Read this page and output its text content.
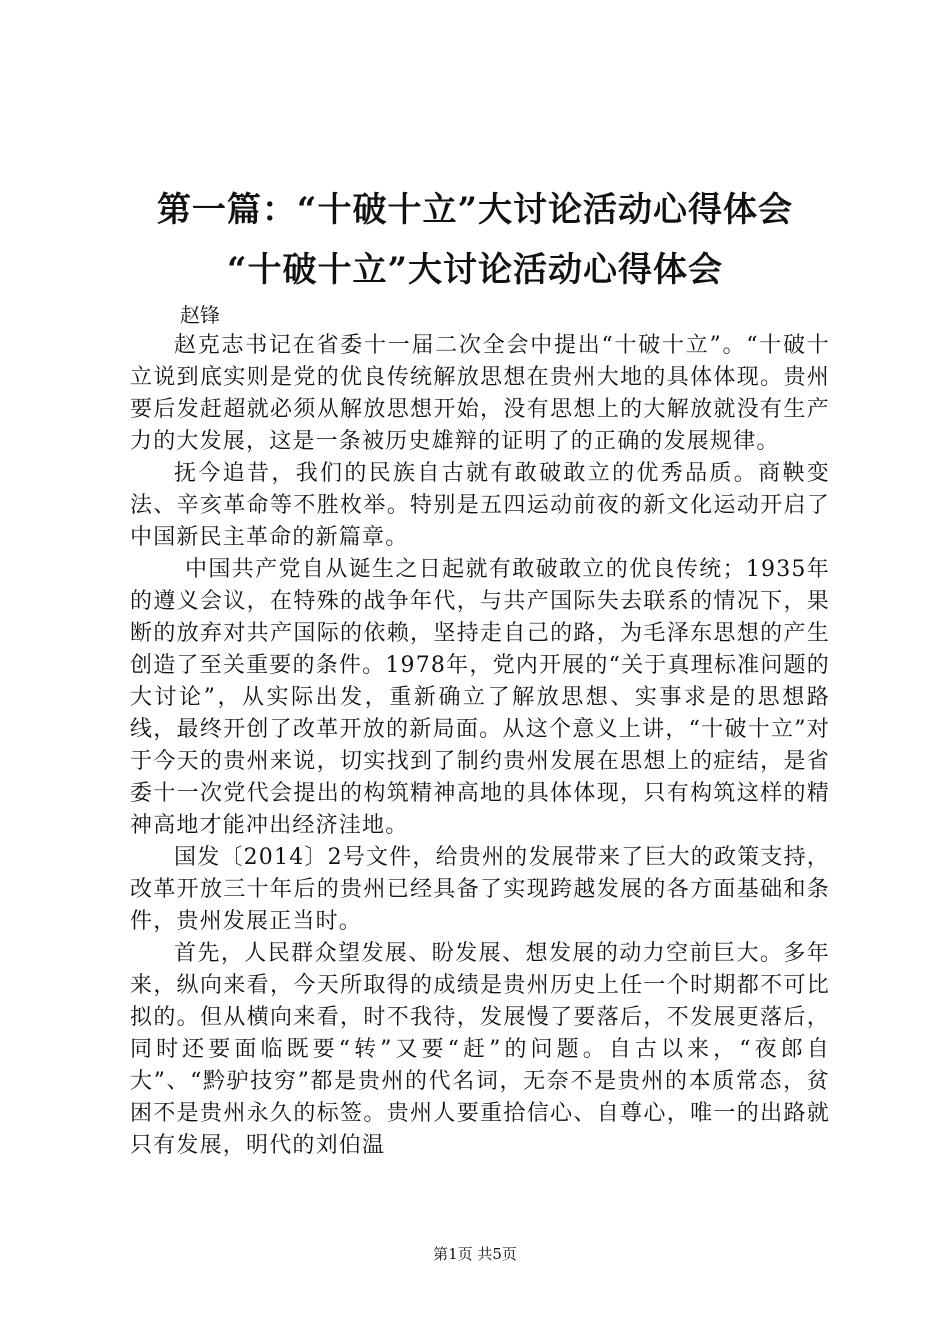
第一篇：“十破十立”大讨论活动心得体会
“十破十立”大讨论活动心得体会
赵锋

赵克志书记在省委十一届二次全会中提出“十破十立”。“十破十立说到底实则是党的优良传统解放思想在贵州大地的具体体现。贵州要后发赶超就必须从解放思想开始，没有思想上的大解放就没有生产力的大发展，这是一条被历史雄辩的证明了的正确的发展规律。

抚今追昔，我们的民族自古就有敢破敢立的优秀品质。商鞅变法、辛亥革命等不胜枚举。特别是五四运动前夜的新文化运动开启了中国新民主革命的新篇章。

中国共产党自从诞生之日起就有敢破敢立的优良传统；1935年的遵义会议，在特殊的战争年代，与共产国际失去联系的情况下，果断的放弃对共产国际的依赖，坚持走自己的路，为毛泽东思想的产生创造了至关重要的条件。1978年，党内开展的“关于真理标准问题的大讨论”，从实际出发，重新确立了解放思想、实事求是的思想路线，最终开创了改革开放的新局面。从这个意义上讲，“十破十立”对于今天的贵州来说，切实找到了制约贵州发展在思想上的症结，是省委十一次党代会提出的构筑精神高地的具体体现，只有构筑这样的精神高地才能冲出经济洼地。

国发〔2014〕2号文件，给贵州的发展带来了巨大的政策支持，改革开放三十年后的贵州已经具备了实现跨越发展的各方面基础和条件，贵州发展正当时。

首先，人民群众望发展、盼发展、想发展的动力空前巨大。多年来，纵向来看，今天所取得的成绩是贵州历史上任一个时期都不可比拟的。但从横向来看，时不我待，发展慢了要落后，不发展更落后，同时还要面临既要“转”又要“赶”的问题。自古以来，“夜郎自大”、“黔驴技穷”都是贵州的代名词，无奈不是贵州的本质常态，贫困不是贵州永久的标签。贵州人要重拾信心、自尊心，唯一的出路就只有发展，明代的刘伯温

第1页 共5页
